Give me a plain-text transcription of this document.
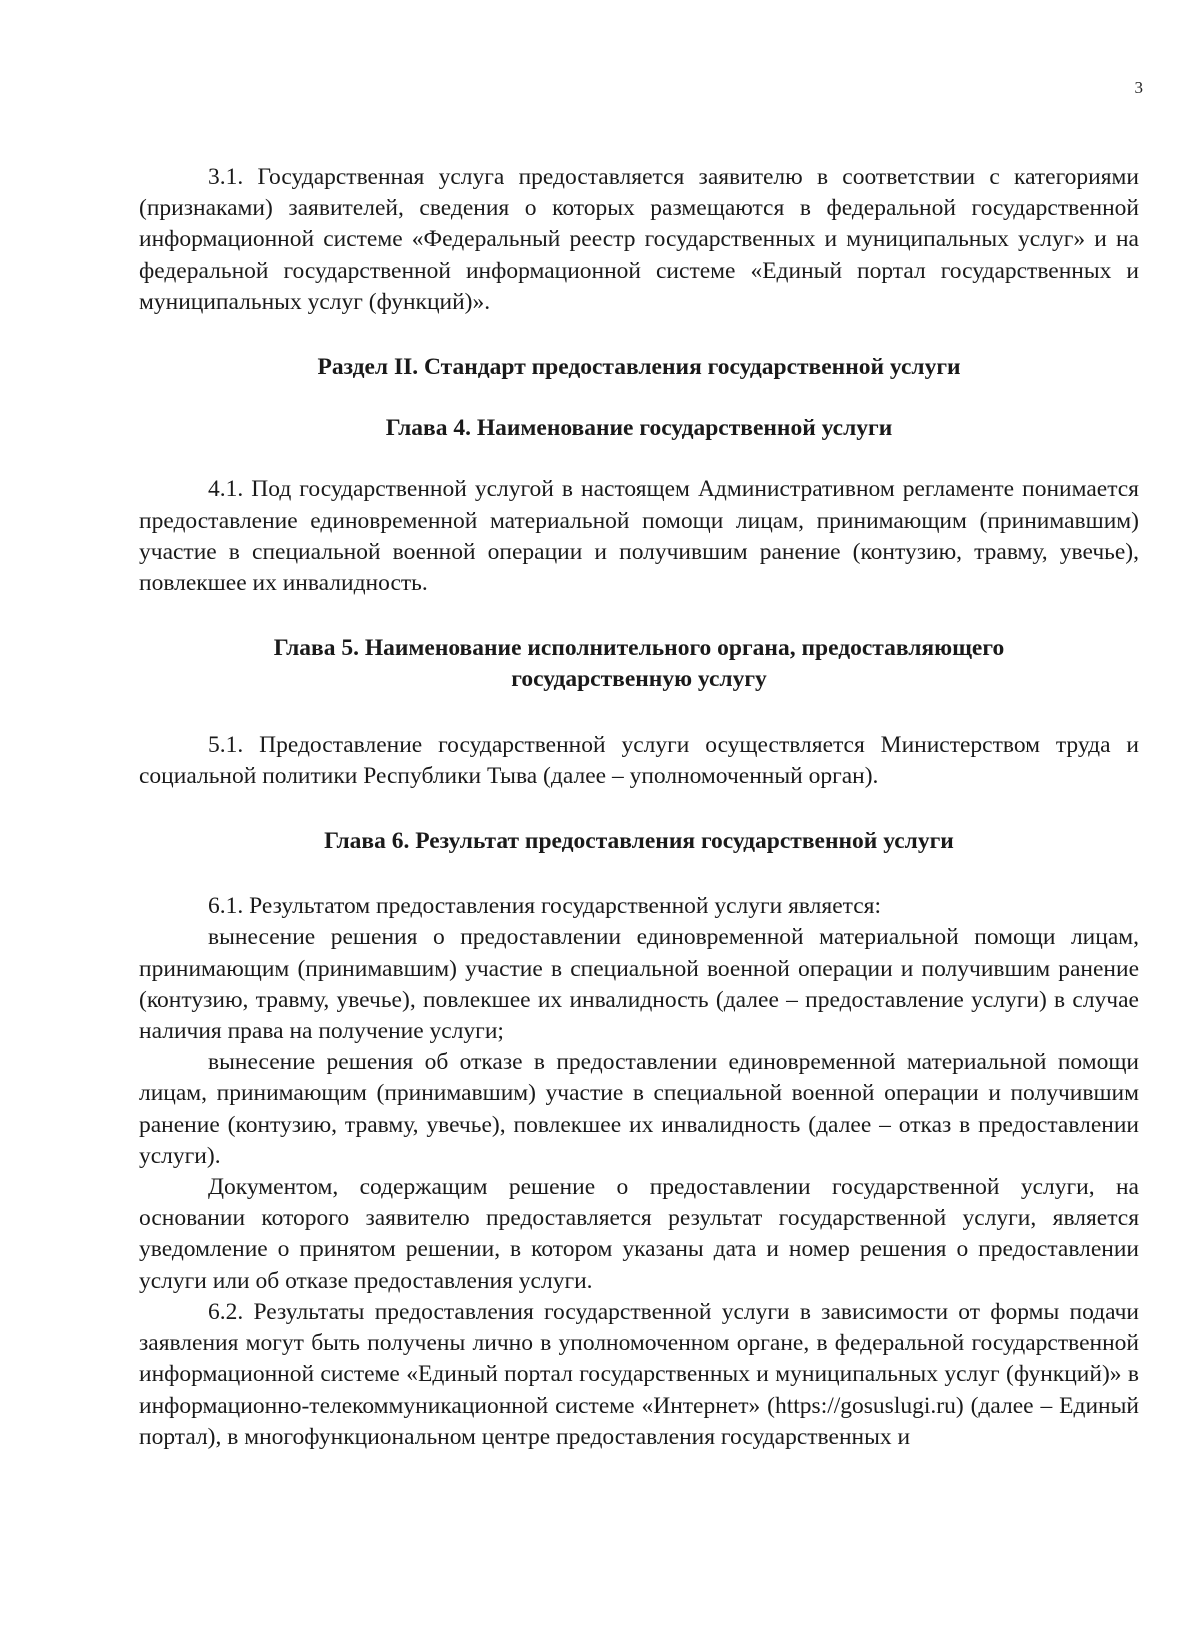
3

3.1. Государственная услуга предоставляется заявителю в соответствии с категориями (признаками) заявителей, сведения о которых размещаются в федеральной государственной информационной системе «Федеральный реестр государственных и муниципальных услуг» и на федеральной государственной информационной системе «Единый портал государственных и муниципальных услуг (функций)».

Раздел II. Стандарт предоставления государственной услуги
Глава 4. Наименование государственной услуги

4.1. Под государственной услугой в настоящем Административном регламенте понимается предоставление единовременной материальной помощи лицам, принимающим (принимавшим) участие в специальной военной операции и получившим ранение (контузию, травму, увечье), повлекшее их инвалидность.

Глава 5. Наименование исполнительного органа, предоставляющего государственную услугу

5.1. Предоставление государственной услуги осуществляется Министерством труда и социальной политики Республики Тыва (далее – уполномоченный орган).

Глава 6. Результат предоставления государственной услуги

6.1. Результатом предоставления государственной услуги является:

вынесение решения о предоставлении единовременной материальной помощи лицам, принимающим (принимавшим) участие в специальной военной операции и получившим ранение (контузию, травму, увечье), повлекшее их инвалидность (далее – предоставление услуги) в случае наличия права на получение услуги;

вынесение решения об отказе в предоставлении единовременной материальной помощи лицам, принимающим (принимавшим) участие в специальной военной операции и получившим ранение (контузию, травму, увечье), повлекшее их инвалидность (далее – отказ в предоставлении услуги).

Документом, содержащим решение о предоставлении государственной услуги, на основании которого заявителю предоставляется результат государственной услуги, является уведомление о принятом решении, в котором указаны дата и номер решения о предоставлении услуги или об отказе предоставления услуги.

6.2. Результаты предоставления государственной услуги в зависимости от формы подачи заявления могут быть получены лично в уполномоченном органе, в федеральной государственной информационной системе «Единый портал государственных и муниципальных услуг (функций)» в информационно-телекоммуникационной системе «Интернет» (https://gosuslugi.ru) (далее – Единый портал), в многофункциональном центре предоставления государственных и
